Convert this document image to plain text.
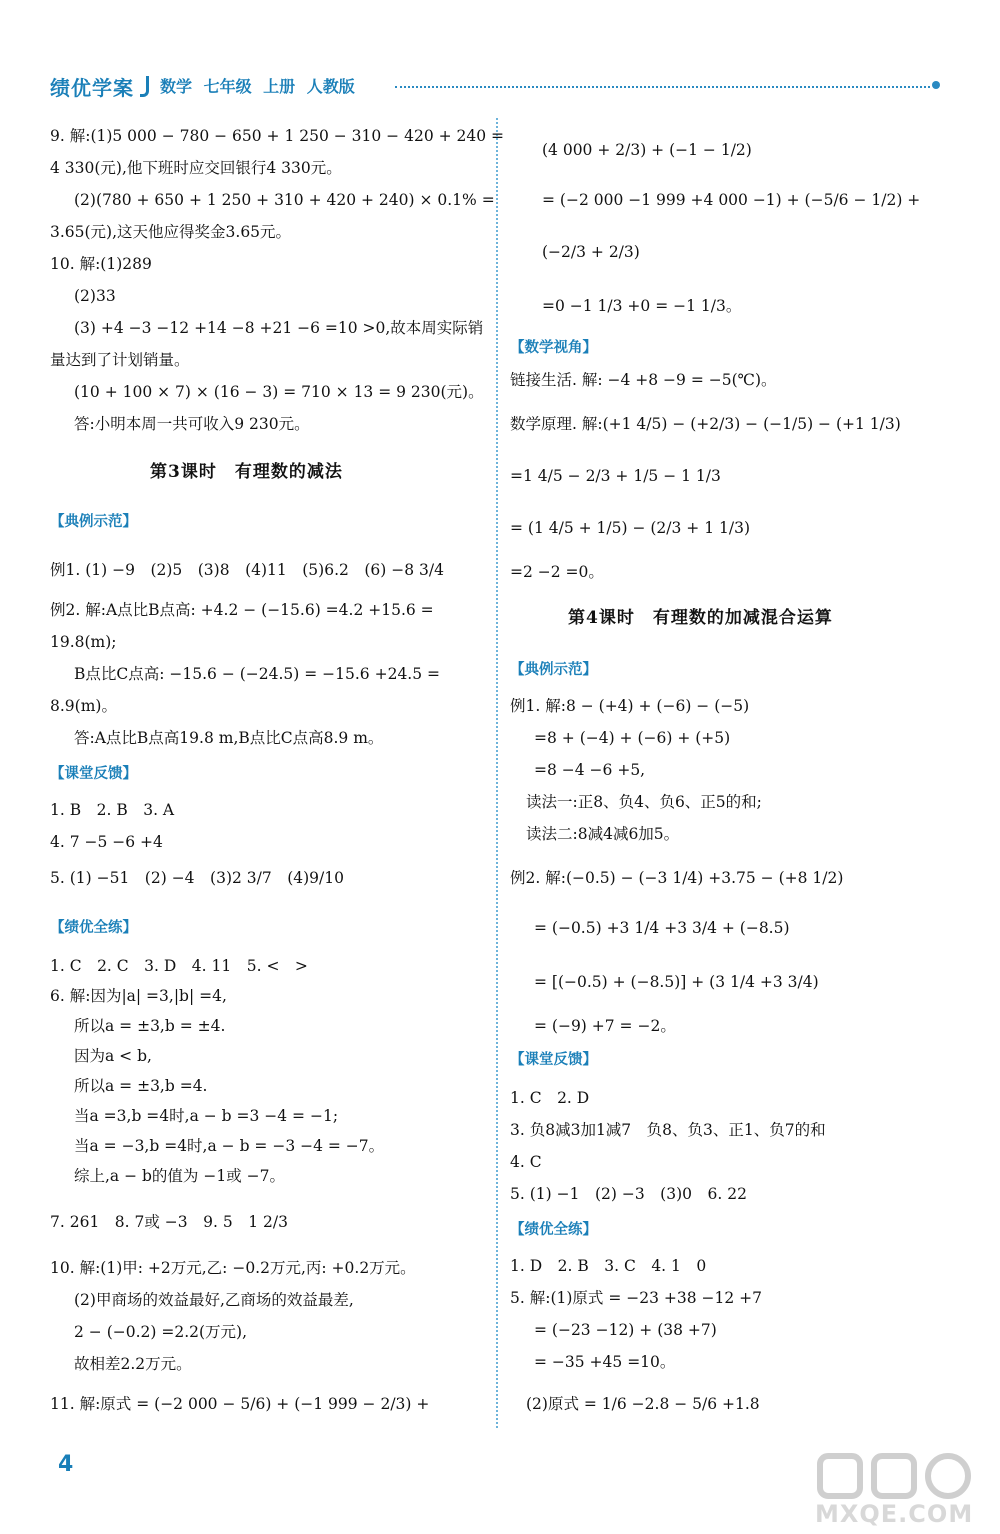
绩优学案 数学 七年级 上册 人教版
9. 解:(1)5 000 − 780 − 650 + 1 250 − 310 − 420 + 240 =
4 330(元),他下班时应交回银行4 330元。
(2)(780 + 650 + 1 250 + 310 + 420 + 240) × 0.1% =
3.65(元),这天他应得奖金3.65元。
10. 解:(1)289
(2)33
(3) +4 −3 −12 +14 −8 +21 −6 =10 >0,故本周实际销
量达到了计划销量。
(10 + 100 × 7) × (16 − 3) = 710 × 13 = 9 230(元)。
答:小明本周一共可收入9 230元。
第3课时　有理数的减法
【典例示范】
例1. (1) −9　(2)5　(3)8　(4)11　(5)6.2　(6) −8 3/4
例2. 解:A点比B点高: +4.2 − (−15.6) =4.2 +15.6 =
19.8(m);
B点比C点高: −15.6 − (−24.5) = −15.6 +24.5 =
8.9(m)。
答:A点比B点高19.8 m,B点比C点高8.9 m。
【课堂反馈】
1. B　2. B　3. A
4. 7 −5 −6 +4
5. (1) −51　(2) −4　(3)2 3/7　(4)9/10
【绩优全练】
1. C　2. C　3. D　4. 11　5. <　>
6. 解:因为|a| =3,|b| =4,
所以a = ±3,b = ±4.
因为a < b,
所以a = ±3,b =4.
当a =3,b =4时,a − b =3 −4 = −1;
当a = −3,b =4时,a − b = −3 −4 = −7。
综上,a − b的值为 −1或 −7。
7. 261　8. 7或 −3　9. 5　1 2/3
10. 解:(1)甲: +2万元,乙: −0.2万元,丙: +0.2万元。
(2)甲商场的效益最好,乙商场的效益最差,
2 − (−0.2) =2.2(万元),
故相差2.2万元。
11. 解:原式 = (−2 000 − 5/6) + (−1 999 − 2/3) +
(4 000 + 2/3) + (−1 − 1/2)
= (−2 000 −1 999 +4 000 −1) + (−5/6 − 1/2) +
(−2/3 + 2/3)
=0 −1 1/3 +0 = −1 1/3。
【数学视角】
链接生活. 解: −4 +8 −9 = −5(℃)。
数学原理. 解:(+1 4/5) − (+2/3) − (−1/5) − (+1 1/3)
=1 4/5 − 2/3 + 1/5 − 1 1/3
= (1 4/5 + 1/5) − (2/3 + 1 1/3)
=2 −2 =0。
第4课时　有理数的加减混合运算
【典例示范】
例1. 解:8 − (+4) + (−6) − (−5)
=8 + (−4) + (−6) + (+5)
=8 −4 −6 +5,
读法一:正8、负4、负6、正5的和;
读法二:8减4减6加5。
例2. 解:(−0.5) − (−3 1/4) +3.75 − (+8 1/2)
= (−0.5) +3 1/4 +3 3/4 + (−8.5)
= [(−0.5) + (−8.5)] + (3 1/4 +3 3/4)
= (−9) +7 = −2。
【课堂反馈】
1. C　2. D
3. 负8减3加1减7　负8、负3、正1、负7的和
4. C
5. (1) −1　(2) −3　(3)0　6. 22
【绩优全练】
1. D　2. B　3. C　4. 1　0
5. 解:(1)原式 = −23 +38 −12 +7
= (−23 −12) + (38 +7)
= −35 +45 =10。
(2)原式 = 1/6 −2.8 − 5/6 +1.8
4
MXQE.COM
